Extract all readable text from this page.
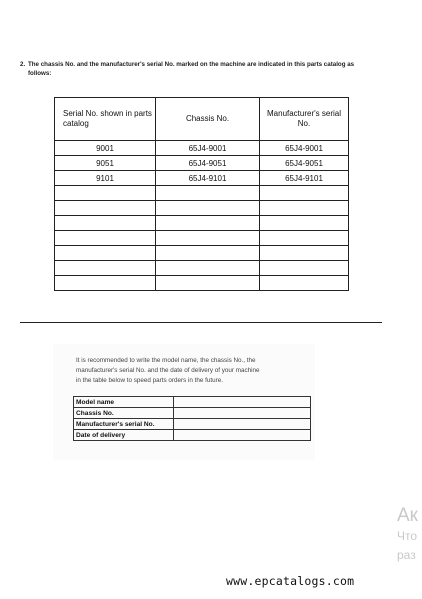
2. The chassis No. and the manufacturer's serial No. marked on the machine are indicated in this parts catalog as
follows:
Serial No. shown in parts catalog	Chassis No.	Manufacturer's serial No.
9001	65J4-9001	65J4-9001
9051	65J4-9051	65J4-9051
9101	65J4-9101	65J4-9101

It is recommended to write the model name, the chassis No., the
manufacturer's serial No. and the date of delivery of your machine
in the table below to speed parts orders in the future.
Model name	
Chassis No.	
Manufacturer's serial No.	
Date of delivery	
Ак
Что
раз
www.epcatalogs.com
